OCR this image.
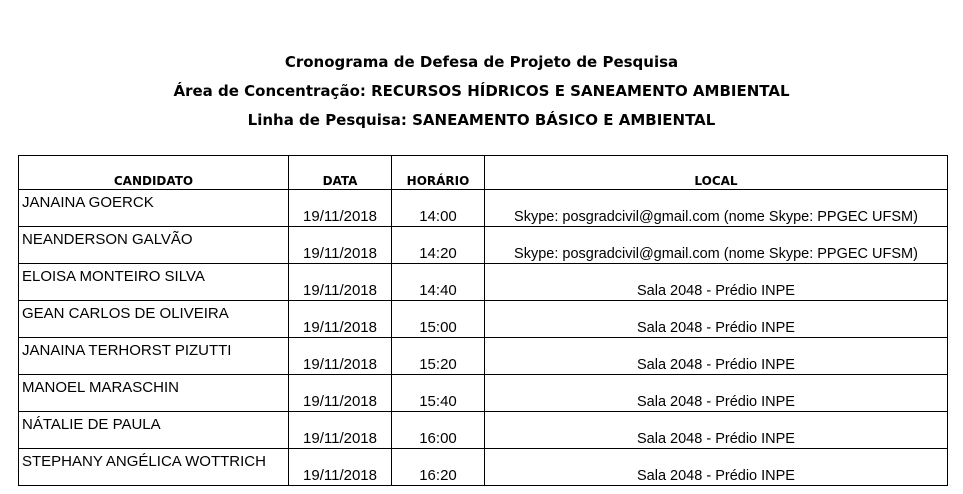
Cronograma de Defesa de Projeto de Pesquisa
Área de Concentração: RECURSOS HÍDRICOS E SANEAMENTO AMBIENTAL
Linha de Pesquisa: SANEAMENTO BÁSICO E AMBIENTAL
CANDIDATO	DATA	HORÁRIO	LOCAL
JANAINA GOERCK	19/11/2018	14:00	Skype: posgradcivil@gmail.com (nome Skype: PPGEC UFSM)
NEANDERSON GALVÃO	19/11/2018	14:20	Skype: posgradcivil@gmail.com (nome Skype: PPGEC UFSM)
ELOISA MONTEIRO SILVA	19/11/2018	14:40	Sala 2048 - Prédio INPE
GEAN CARLOS DE OLIVEIRA	19/11/2018	15:00	Sala 2048 - Prédio INPE
JANAINA TERHORST PIZUTTI	19/11/2018	15:20	Sala 2048 - Prédio INPE
MANOEL MARASCHIN	19/11/2018	15:40	Sala 2048 - Prédio INPE
NÁTALIE DE PAULA	19/11/2018	16:00	Sala 2048 - Prédio INPE
STEPHANY ANGÉLICA WOTTRICH	19/11/2018	16:20	Sala 2048 - Prédio INPE
